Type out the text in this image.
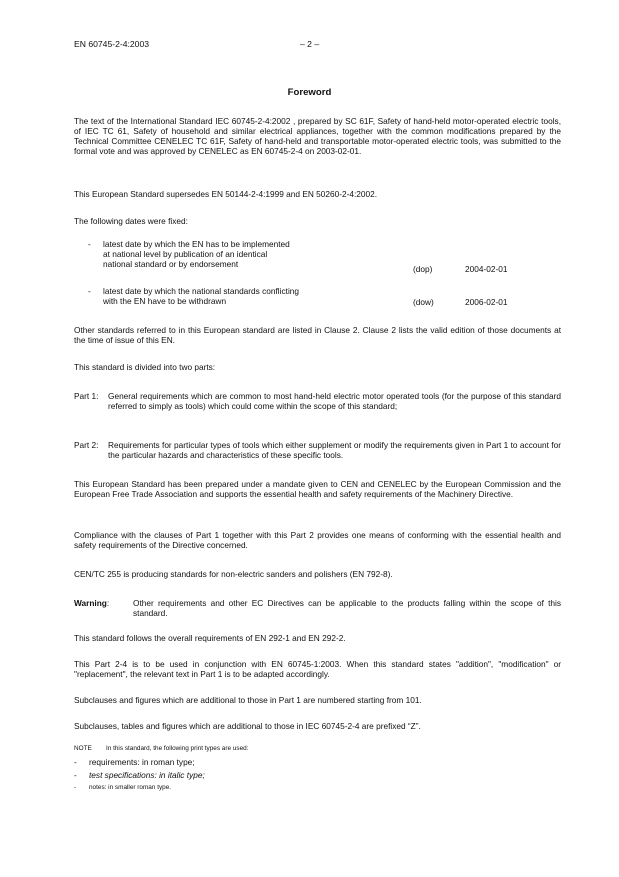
EN 60745-2-4:2003	– 2 –
Foreword

The text of the International Standard IEC 60745-2-4:2002 , prepared by SC 61F, Safety of hand-held motor-operated electric tools, of IEC TC 61, Safety of household and similar electrical appliances, together with the common modifications prepared by the Technical Committee CENELEC TC 61F, Safety of hand-held and transportable motor-operated electric tools, was submitted to the formal vote and was approved by CENELEC as EN 60745-2-4 on 2003-02-01.

This European Standard supersedes EN 50144-2-4:1999 and EN 50260-2-4:2002.

The following dates were fixed:

- latest date by which the EN has to be implemented
at national level by publication of an identical
national standard or by endorsement	(dop)	2004-02-01
- latest date by which the national standards conflicting
with the EN have to be withdrawn	(dow)	2006-02-01

Other standards referred to in this European standard are listed in Clause 2. Clause 2 lists the valid edition of those documents at the time of issue of this EN.

This standard is divided into two parts:

Part 1: General requirements which are common to most hand-held electric motor operated tools (for the purpose of this standard referred to simply as tools) which could come within the scope of this standard;
Part 2: Requirements for particular types of tools which either supplement or modify the requirements given in Part 1 to account for the particular hazards and characteristics of these specific tools.

This European Standard has been prepared under a mandate given to CEN and CENELEC by the European Commission and the European Free Trade Association and supports the essential health and safety requirements of the Machinery Directive.

Compliance with the clauses of Part 1 together with this Part 2 provides one means of conforming with the essential health and safety requirements of the Directive concerned.

CEN/TC 255 is producing standards for non-electric sanders and polishers (EN 792-8).

Warning:	Other requirements and other EC Directives can be applicable to the products falling within the scope of this standard.

This standard follows the overall requirements of EN 292-1 and EN 292-2.

This Part 2-4 is to be used in conjunction with EN 60745-1:2003. When this standard states "addition", "modification" or "replacement", the relevant text in Part 1 is to be adapted accordingly.

Subclauses and figures which are additional to those in Part 1 are numbered starting from 101.

Subclauses, tables and figures which are additional to those in IEC 60745-2-4 are prefixed “Z”.

NOTE In this standard, the following print types are used:
- requirements: in roman type;
- test specifications: in italic type;
- notes: in smaller roman type.
